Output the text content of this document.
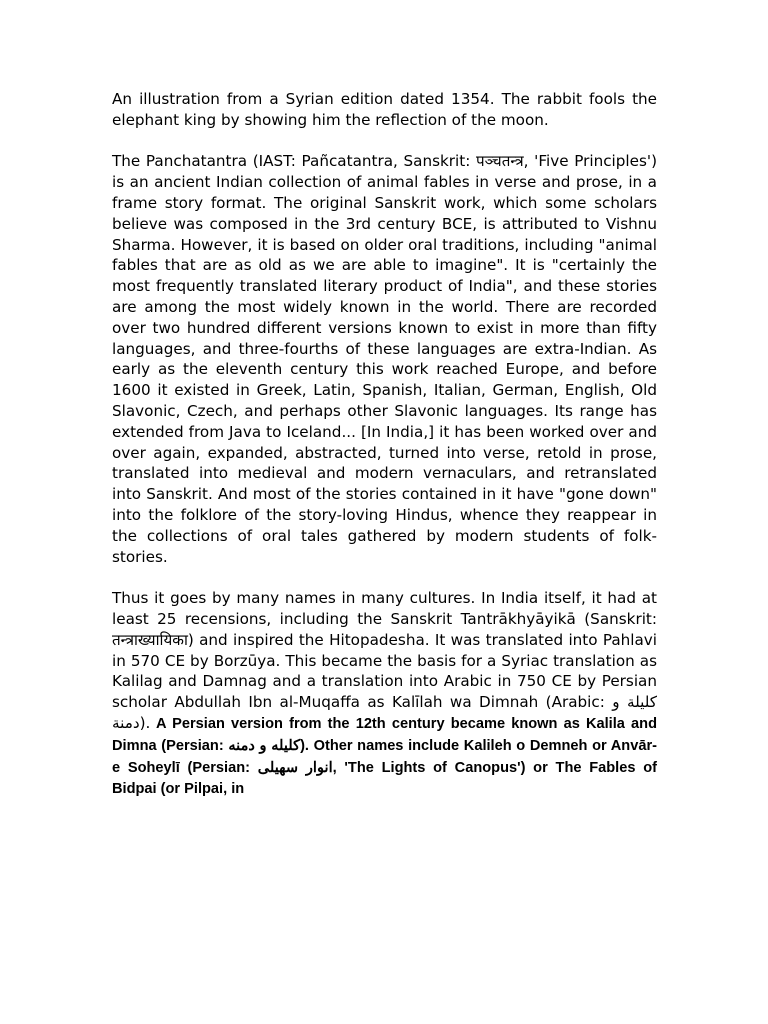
An illustration from a Syrian edition dated 1354. The rabbit fools the elephant king by showing him the reflection of the moon.

The Panchatantra (IAST: Pañcatantra, Sanskrit: पञ्चतन्त्र, 'Five Principles') is an ancient Indian collection of animal fables in verse and prose, in a frame story format. The original Sanskrit work, which some scholars believe was composed in the 3rd century BCE, is attributed to Vishnu Sharma. However, it is based on older oral traditions, including "animal fables that are as old as we are able to imagine". It is "certainly the most frequently translated literary product of India", and these stories are among the most widely known in the world. There are recorded over two hundred different versions known to exist in more than fifty languages, and three-fourths of these languages are extra-Indian. As early as the eleventh century this work reached Europe, and before 1600 it existed in Greek, Latin, Spanish, Italian, German, English, Old Slavonic, Czech, and perhaps other Slavonic languages. Its range has extended from Java to Iceland... [In India,] it has been worked over and over again, expanded, abstracted, turned into verse, retold in prose, translated into medieval and modern vernaculars, and retranslated into Sanskrit. And most of the stories contained in it have "gone down" into the folklore of the story-loving Hindus, whence they reappear in the collections of oral tales gathered by modern students of folk-stories.

Thus it goes by many names in many cultures. In India itself, it had at least 25 recensions, including the Sanskrit Tantrākhyāyikā (Sanskrit: तन्त्राख्यायिका) and inspired the Hitopadesha. It was translated into Pahlavi in 570 CE by Borzūya. This became the basis for a Syriac translation as Kalilag and Damnag and a translation into Arabic in 750 CE by Persian scholar Abdullah Ibn al-Muqaffa as Kalīlah wa Dimnah (Arabic: كليلة و دمنة). A Persian version from the 12th century became known as Kalila and Dimna (Persian: كليله و دمنه). Other names include Kalileh o Demneh or Anvār-e Soheylī (Persian: انوار سهيلى, 'The Lights of Canopus') or The Fables of Bidpai (or Pilpai, in
